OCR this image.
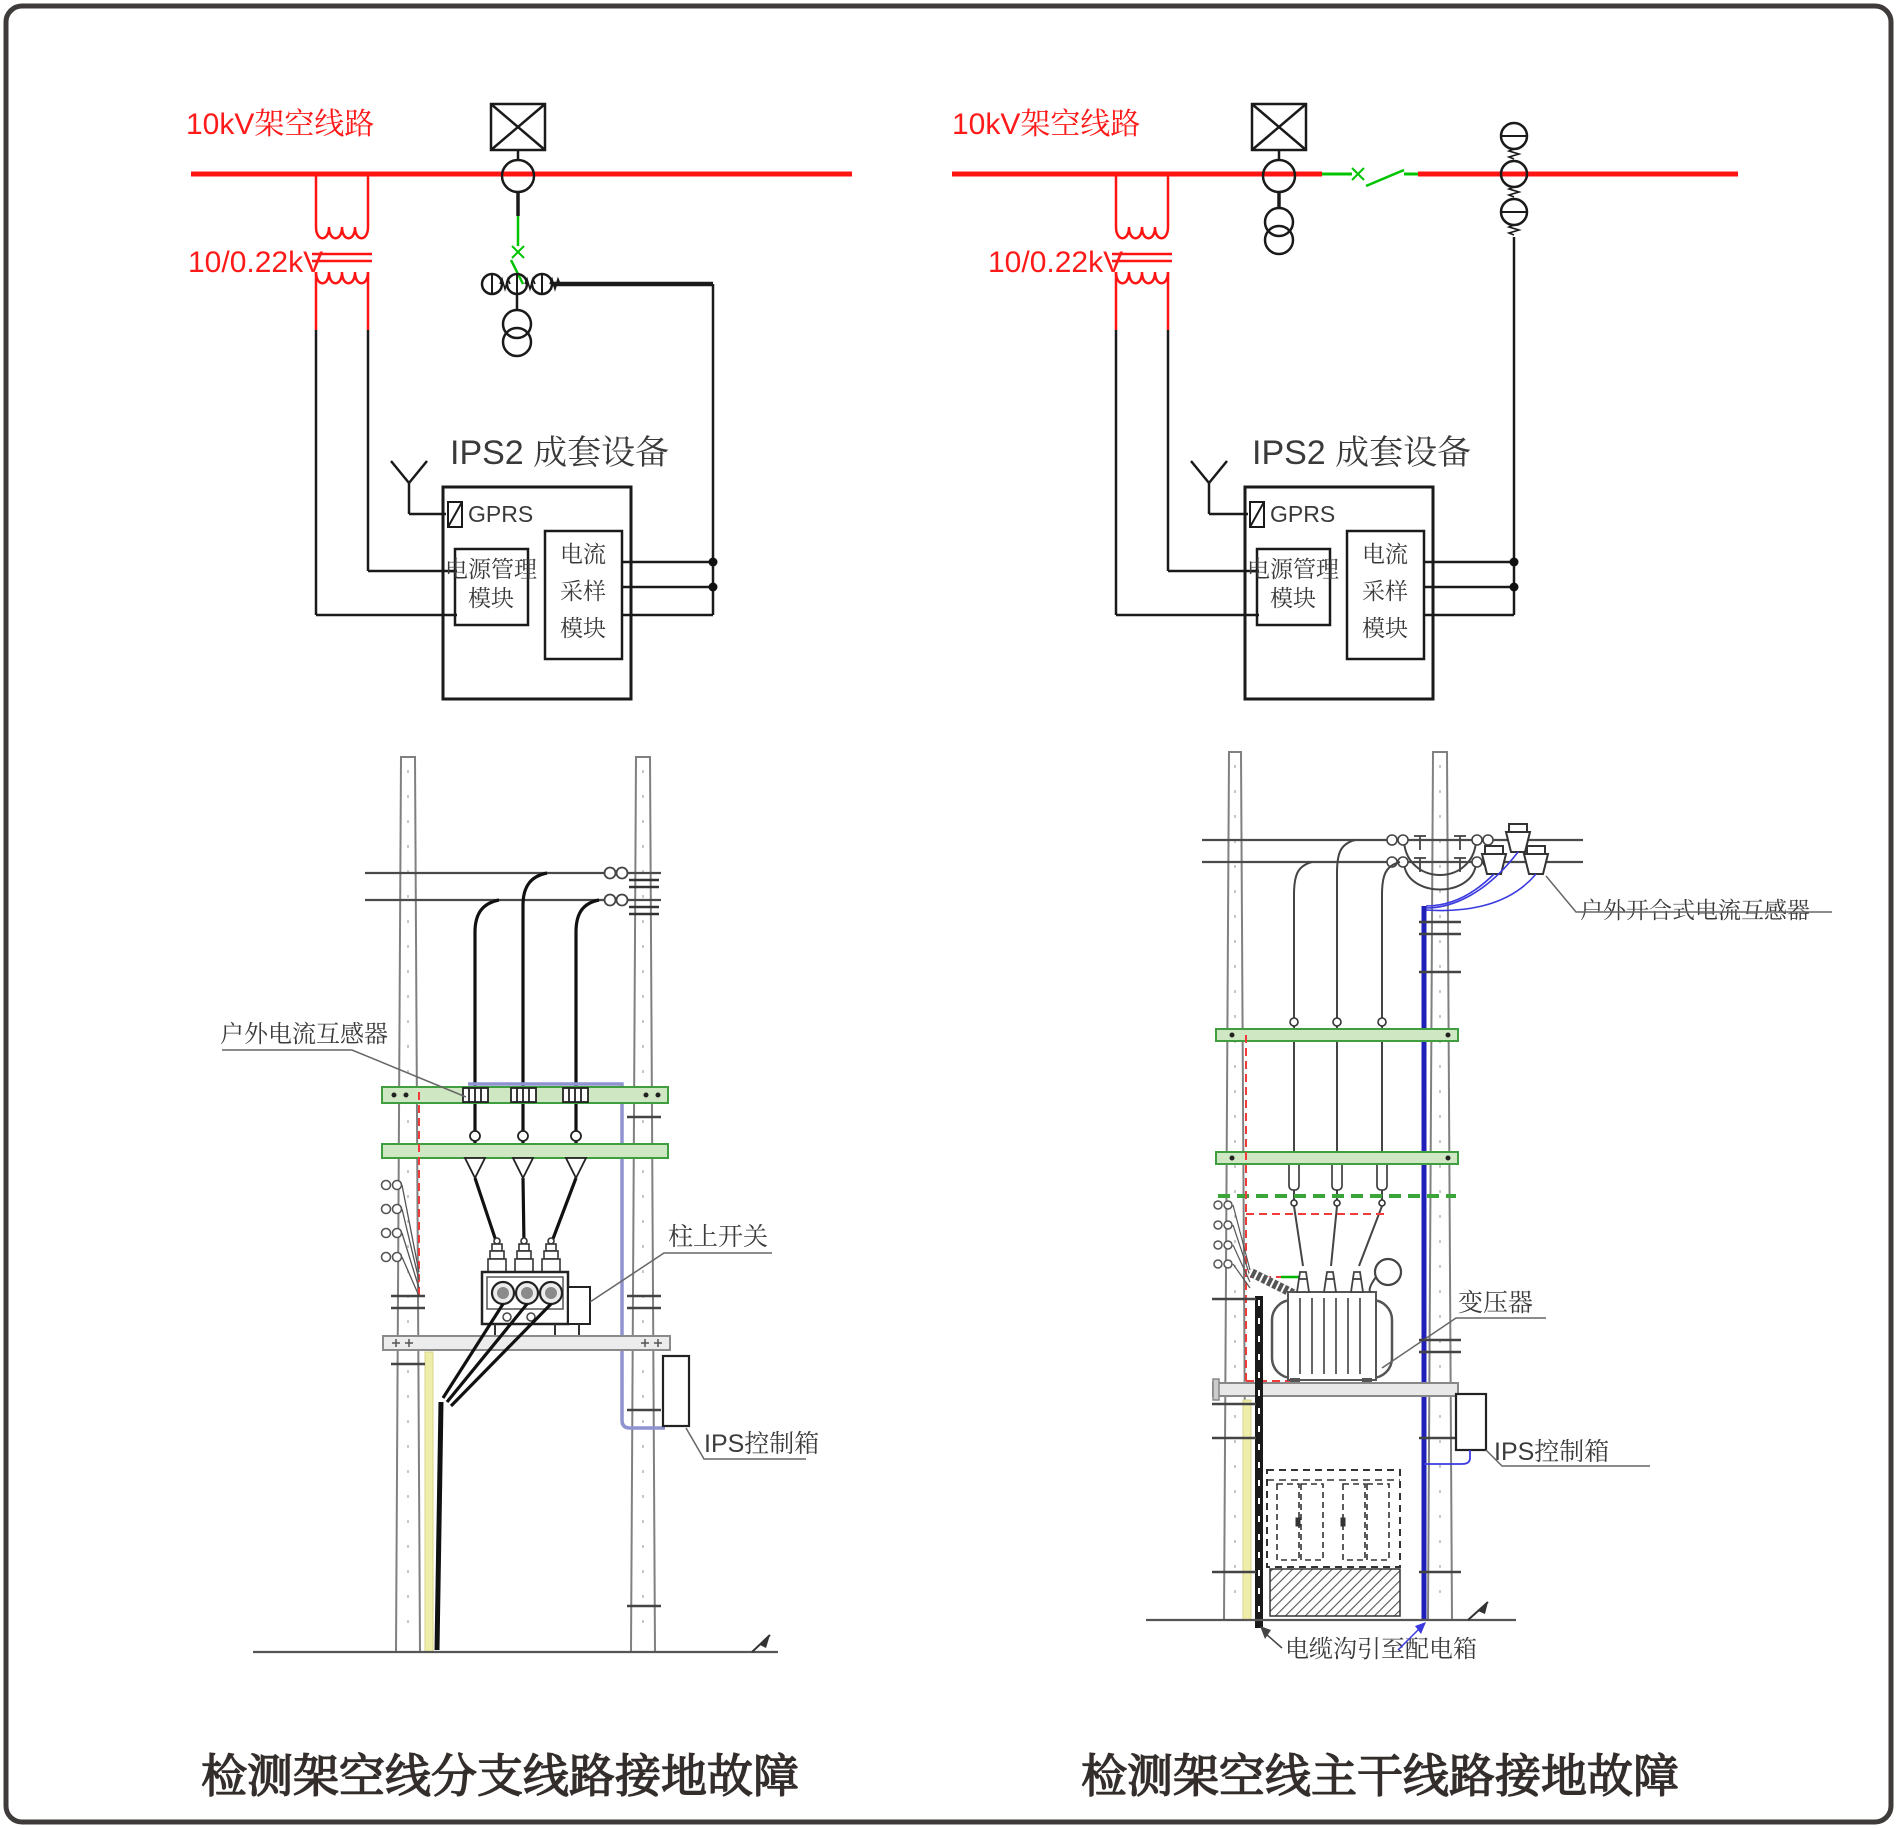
10kV架空线路
10/0.22kV
IPS2 成套设备
GPRS
电源管理
模块
电流
采样
模块
10kV架空线路
10/0.22kV
IPS2 成套设备
GPRS
电源管理
模块
电流
采样
模块
户外电流互感器
柱上开关
IPS控制箱
检测架空线分支线路接地故障
户外开合式电流互感器
变压器
IPS控制箱
电缆沟引至配电箱
检测架空线主干线路接地故障
